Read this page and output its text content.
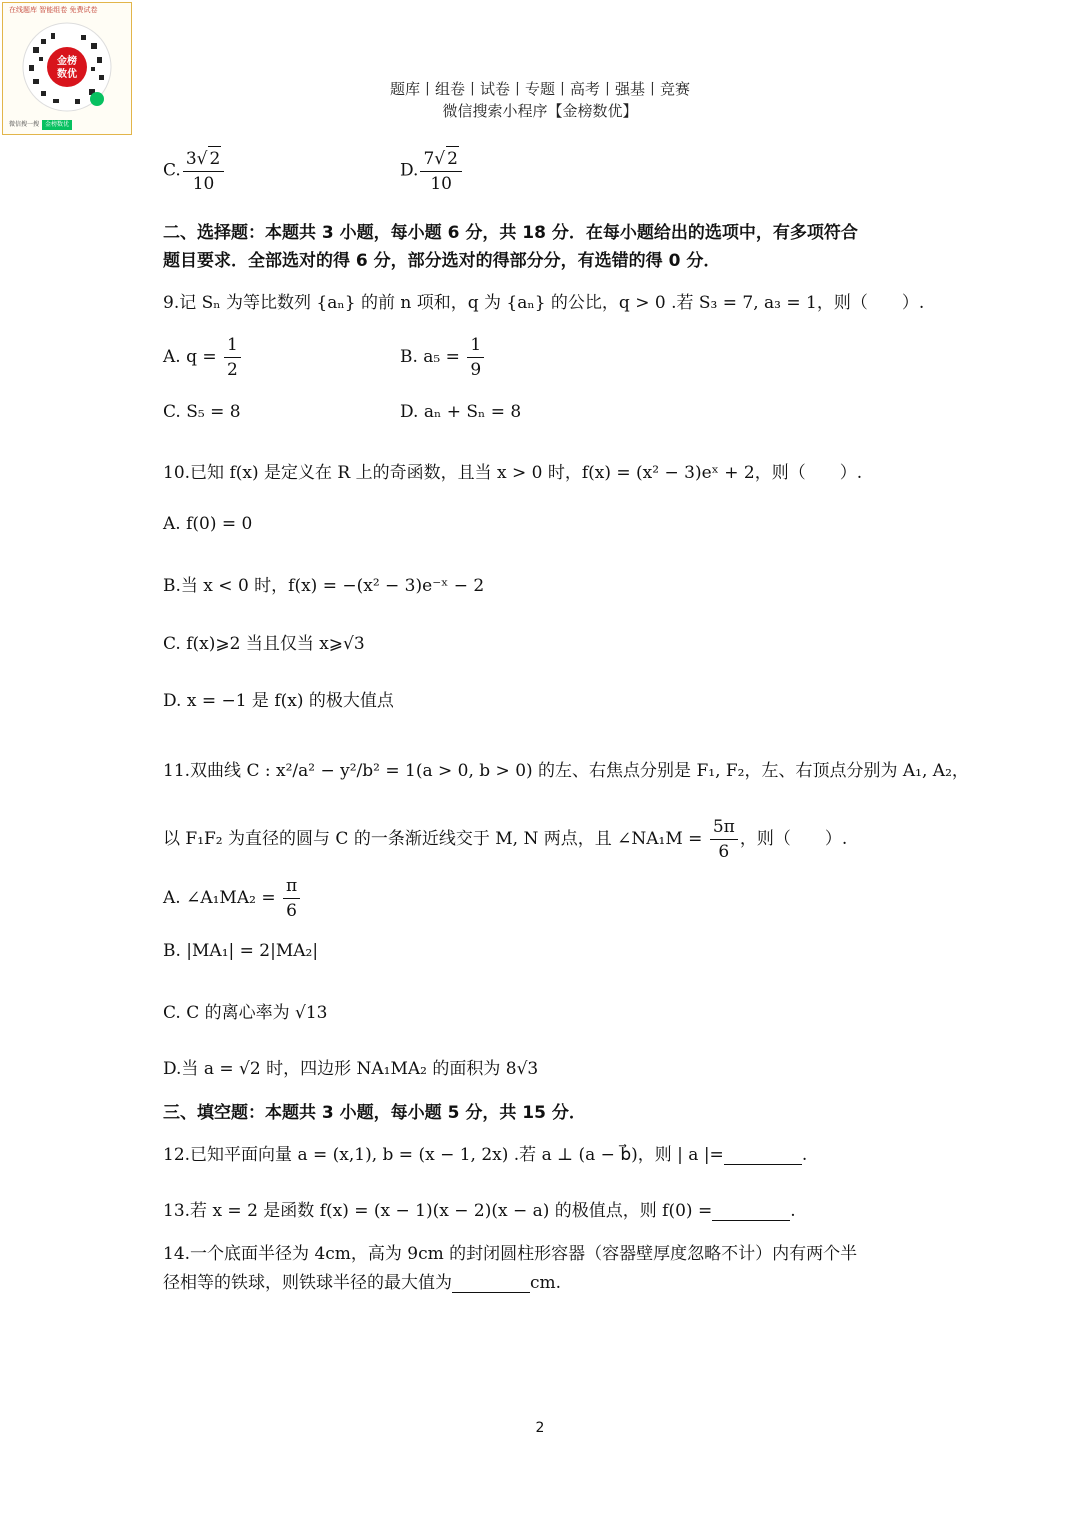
金榜
数优
在线题库 智能组卷 免费试卷
微信搜一搜 金榜数优
题库丨组卷丨试卷丨专题丨高考丨强基丨竞赛
微信搜索小程序【金榜数优】
C. $\frac{3√ 2}{10}$	D. $\frac{7√ 2}{10}$
二、选择题：本题共 3 小题，每小题 6 分，共 18 分．在每小题给出的选项中，有多项符合
题目要求．全部选对的得 6 分，部分选对的得部分分，有选错的得 0 分．
9.记 Sₙ 为等比数列 {aₙ} 的前 n 项和，q 为 {aₙ} 的公比，q > 0 .若 S₃ = 7, a₃ = 1，则（　　）.
A. $q = \frac{1}{2}$	B. $a_5 = \frac{1}{9}$
C. S₅ = 8	D. aₙ + Sₙ = 8
10.已知 f(x) 是定义在 R 上的奇函数，且当 x > 0 时，f(x) = (x² − 3)eˣ + 2，则（　　）.
A. f(0) = 0
B.当 x < 0 时，f(x) = −(x² − 3)e⁻ˣ − 2
C. f(x)⩾2 当且仅当 x⩾√3
D. x = −1 是 f(x) 的极大值点
11.双曲线 C : x²/a² − y²/b² = 1(a > 0, b > 0) 的左、右焦点分别是 F₁, F₂，左、右顶点分别为 A₁, A₂，
以 F₁F₂ 为直径的圆与 C 的一条渐近线交于 M, N 两点，且 ∠NA₁M = $\frac{5\pi}{6}$ ，则（　　）.
A. ∠A₁MA₂ = $\frac{\pi}{6}$
B. |MA₁| = 2|MA₂|
C. C 的离心率为 √13
D.当 a = √2 时，四边形 NA₁MA₂ 的面积为 8√3
三、填空题：本题共 3 小题，每小题 5 分，共 15 分．
12.已知平面向量 a = (x,1), b = (x − 1, 2x) .若 a ⊥ (a − b⃗)，则 | a |=	.
13.若 x = 2 是函数 f(x) = (x − 1)(x − 2)(x − a) 的极值点，则 f(0) =	.
14.一个底面半径为 4cm，高为 9cm 的封闭圆柱形容器（容器壁厚度忽略不计）内有两个半
径相等的铁球，则铁球半径的最大值为	cm.
2
